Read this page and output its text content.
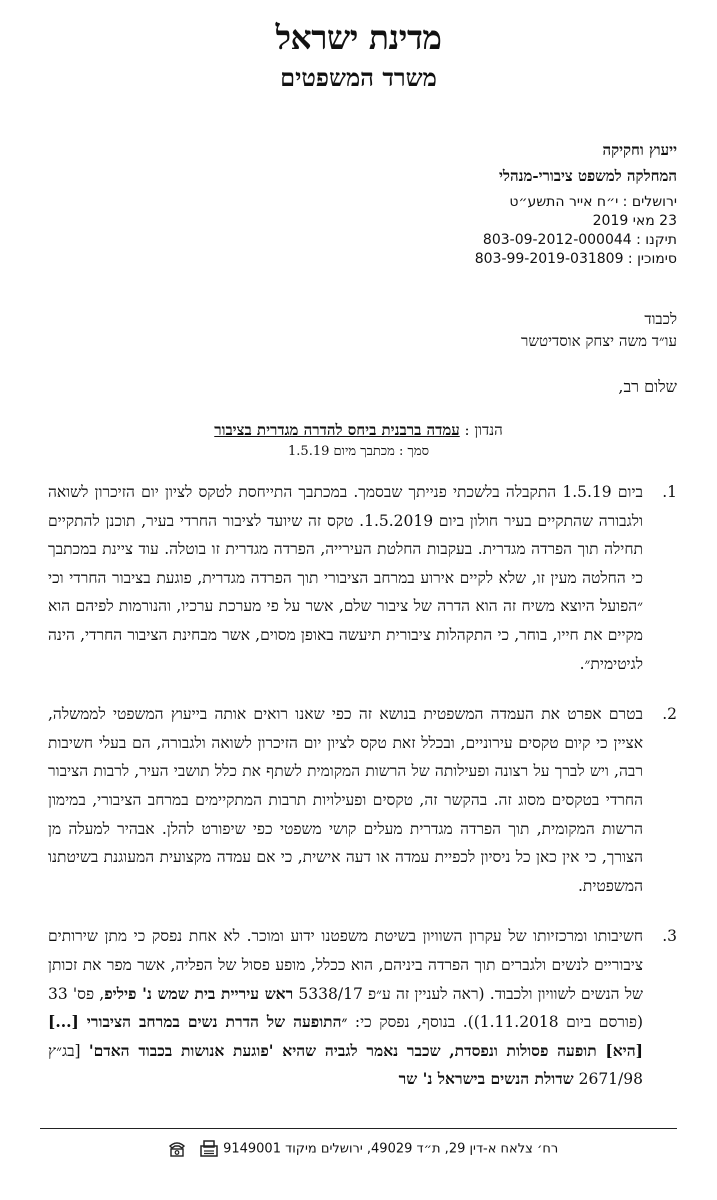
מדינת ישראל
משרד המשפטים
ייעוץ וחקיקה
המחלקה למשפט ציבורי-מנהלי
ירושלים : י״ח אייר התשע״ט
23 מאי 2019
תיקנו : 803-09-2012-000044
סימוכין : 803-99-2019-031809
לכבוד
עו״ד משה יצחק אוסדיטשר
שלום רב,
הנדון : עמדה ברבנית ביחס להדרה מגדרית בציבור
סמך : מכתבך מיום 1.5.19
1.
ביום 1.5.19 התקבלה בלשכתי פנייתך שבסמך. במכתבך התייחסת לטקס לציון יום הזיכרון לשואה ולגבורה שהתקיים בעיר חולון ביום 1.5.2019. טקס זה שיועד לציבור החרדי בעיר, תוכנן להתקיים תחילה תוך הפרדה מגדרית. בעקבות החלטת העירייה, הפרדה מגדרית זו בוטלה. עוד ציינת במכתבך כי החלטה מעין זו, שלא לקיים אירוע במרחב הציבורי תוך הפרדה מגדרית, פוגעת בציבור החרדי וכי ״הפועל היוצא משיח זה הוא הדרה של ציבור שלם, אשר על פי מערכת ערכיו, והנורמות לפיהם הוא מקיים את חייו, בוחר, כי התקהלות ציבורית תיעשה באופן מסוים, אשר מבחינת הציבור החרדי, הינה לגיטימית״.
2.
בטרם אפרט את העמדה המשפטית בנושא זה כפי שאנו רואים אותה בייעוץ המשפטי לממשלה, אציין כי קיום טקסים עירוניים, ובכלל זאת טקס לציון יום הזיכרון לשואה ולגבורה, הם בעלי חשיבות רבה, ויש לברך על רצונה ופעילותה של הרשות המקומית לשתף את כלל תושבי העיר, לרבות הציבור החרדי בטקסים מסוג זה. בהקשר זה, טקסים ופעילויות תרבות המתקיימים במרחב הציבורי, במימון הרשות המקומית, תוך הפרדה מגדרית מעלים קושי משפטי כפי שיפורט להלן. אבהיר למעלה מן הצורך, כי אין כאן כל ניסיון לכפיית עמדה או דעה אישית, כי אם עמדה מקצועית המעוגנת בשיטתנו המשפטית.
3.
חשיבותו ומרכזיותו של עקרון השוויון בשיטת משפטנו ידוע ומוכר. לא אחת נפסק כי מתן שירותים ציבוריים לנשים ולגברים תוך הפרדה ביניהם, הוא ככלל, מופע פסול של הפליה, אשר מפר את זכותן של הנשים לשוויון ולכבוד. (ראה לעניין זה ע״פ 5338/17 ראש עיריית בית שמש נ' פיליפ, פס' 33 (פורסם ביום 1.11.2018)). בנוסף, נפסק כי: ״התופעה של הדרת נשים במרחב הציבורי [...] [היא] תופעה פסולות ונפסדת, שכבר נאמר לגביה שהיא 'פוגעת אנושות בכבוד האדם' [בג״ץ 2671/98 שדולת הנשים בישראל נ' שר
רח׳ צלאח א-דין 29, ת״ד 49029, ירושלים מיקוד 9149001
